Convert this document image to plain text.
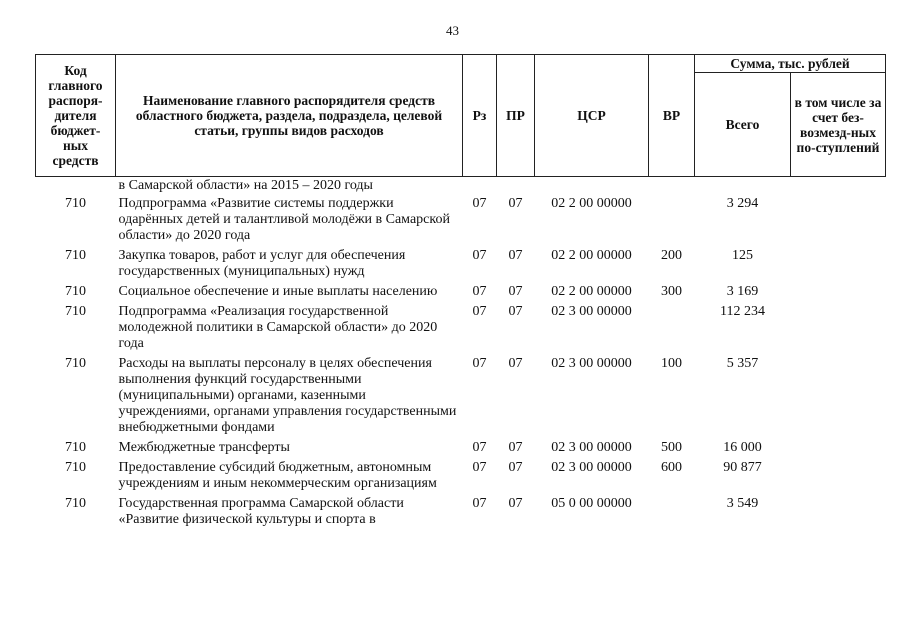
43
Код главного распоря-дителя бюджет-ных средств	Наименование главного распорядителя средств областного бюджета, раздела, подраздела, целевой статьи, группы видов расходов	Рз	ПР	ЦСР	ВР	Сумма, тыс. рублей	
						Всего	в том числе за счет без-возмезд-ных по-ступлений
	в Самарской области» на 2015 – 2020 годы						
710	Подпрограмма «Развитие системы поддержки одарённых детей и талантливой молодёжи в Самарской области» до 2020 года	07	07	02 2 00 00000		3 294	
710	Закупка товаров, работ и услуг для обеспечения государственных (муниципальных) нужд	07	07	02 2 00 00000	200	125	
710	Социальное обеспечение и иные выплаты населению	07	07	02 2 00 00000	300	3 169	
710	Подпрограмма «Реализация государственной молодежной политики в Самарской области» до 2020 года	07	07	02 3 00 00000		112 234	
710	Расходы на выплаты персоналу в целях обеспечения выполнения функций государственными (муниципальными) органами, казенными учреждениями, органами управления государственными внебюджетными фондами	07	07	02 3 00 00000	100	5 357	
710	Межбюджетные трансферты	07	07	02 3 00 00000	500	16 000	
710	Предоставление субсидий бюджетным, автономным учреждениям и иным некоммерческим организациям	07	07	02 3 00 00000	600	90 877	
710	Государственная программа Самарской области «Развитие физической культуры и спорта в	07	07	05 0 00 00000		3 549	
